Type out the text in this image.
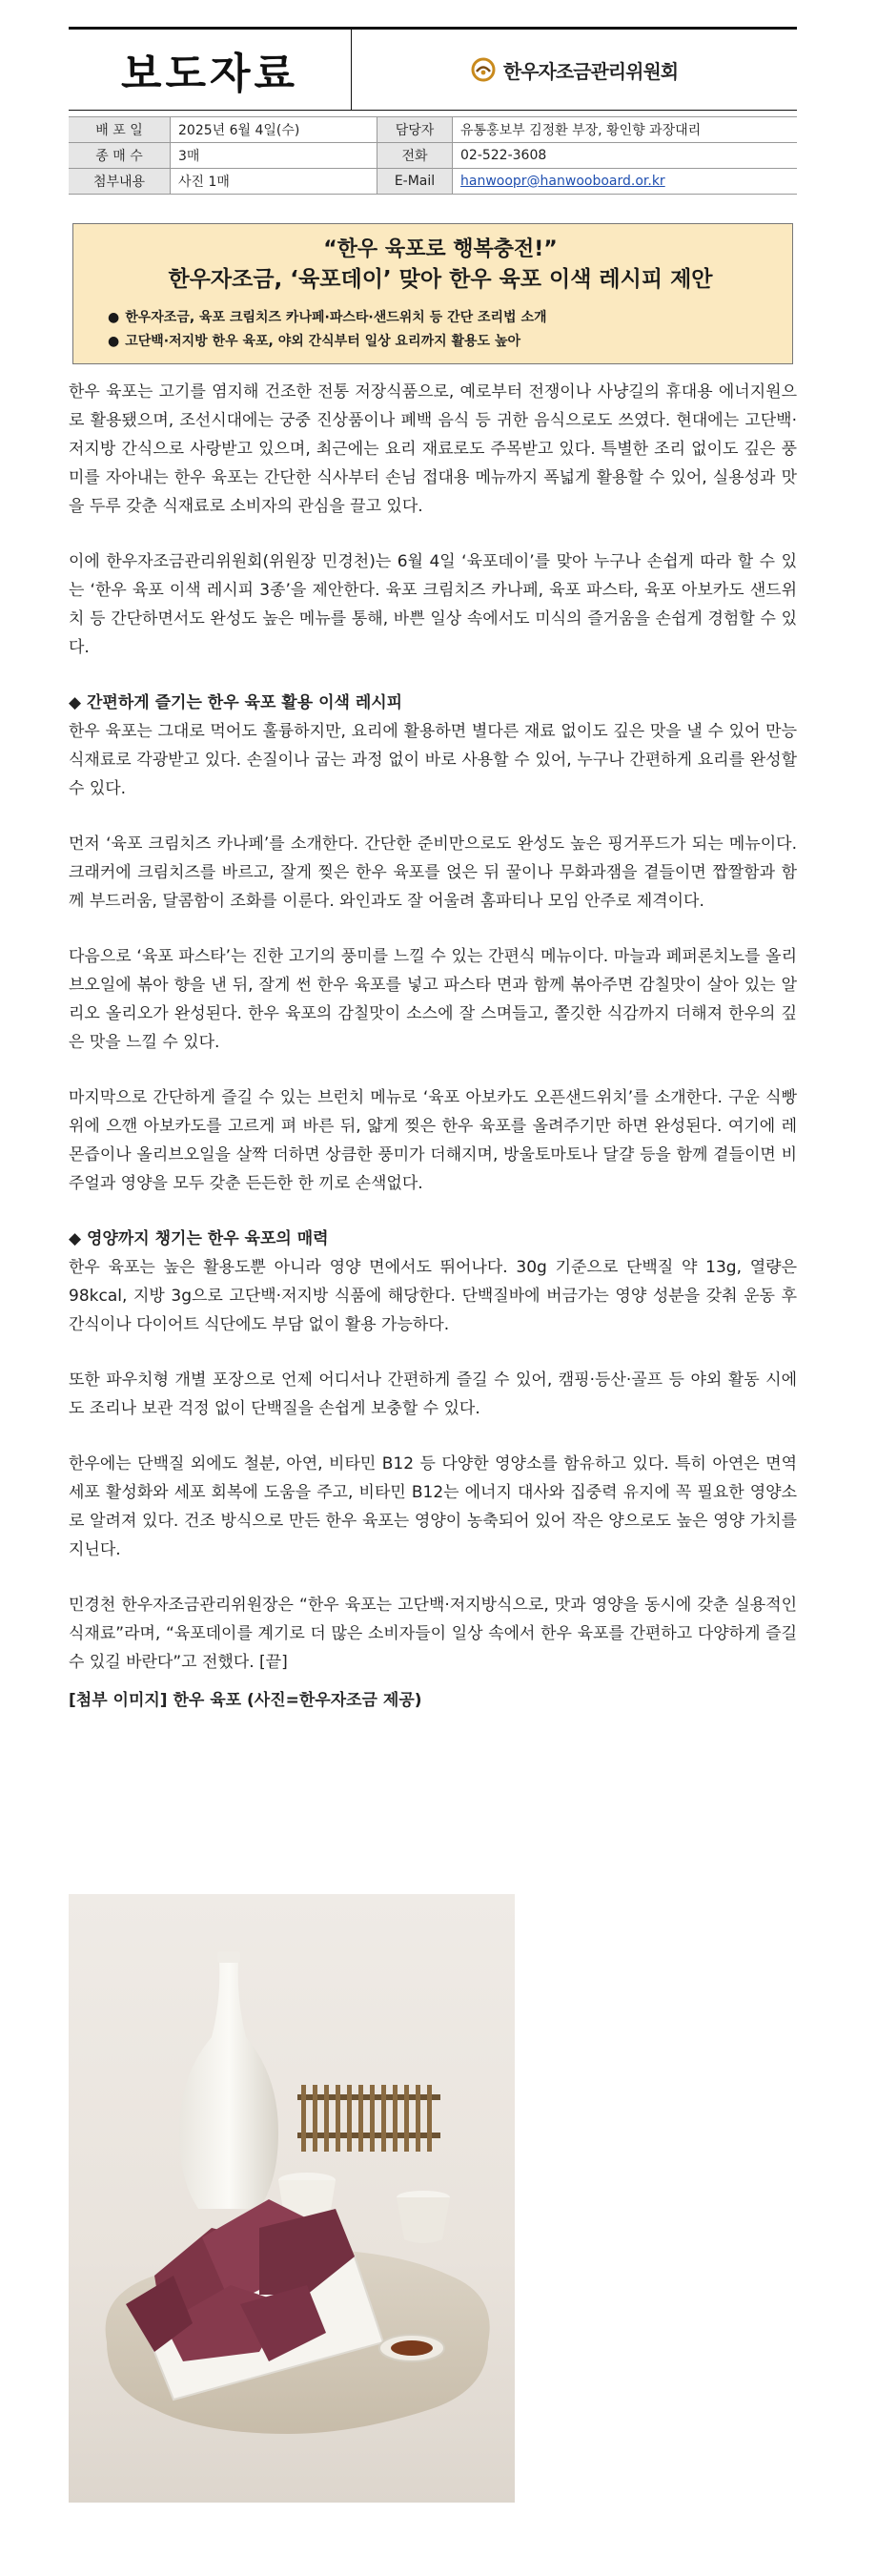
보도자료	한우자조금관리위원회
배 포 일	2025년 6월 4일(수)	담당자	유통홍보부 김정환 부장, 황인향 과장대리
종 매 수	3매	전화	02-522-3608
첨부내용	사진 1매	E-Mail	hanwoopr@hanwooboard.or.kr
“한우 육포로 행복충전!”
한우자조금, ‘육포데이’ 맞아 한우 육포 이색 레시피 제안
● 한우자조금, 육포 크림치즈 카나페·파스타·샌드위치 등 간단 조리법 소개
● 고단백·저지방 한우 육포, 야외 간식부터 일상 요리까지 활용도 높아

한우 육포는 고기를 염지해 건조한 전통 저장식품으로, 예로부터 전쟁이나 사냥길의 휴대용 에너지원으로 활용됐으며, 조선시대에는 궁중 진상품이나 폐백 음식 등 귀한 음식으로도 쓰였다. 현대에는 고단백·저지방 간식으로 사랑받고 있으며, 최근에는 요리 재료로도 주목받고 있다. 특별한 조리 없이도 깊은 풍미를 자아내는 한우 육포는 간단한 식사부터 손님 접대용 메뉴까지 폭넓게 활용할 수 있어, 실용성과 맛을 두루 갖춘 식재료로 소비자의 관심을 끌고 있다.

이에 한우자조금관리위원회(위원장 민경천)는 6월 4일 ‘육포데이’를 맞아 누구나 손쉽게 따라 할 수 있는 ‘한우 육포 이색 레시피 3종’을 제안한다. 육포 크림치즈 카나페, 육포 파스타, 육포 아보카도 샌드위치 등 간단하면서도 완성도 높은 메뉴를 통해, 바쁜 일상 속에서도 미식의 즐거움을 손쉽게 경험할 수 있다.

◆ 간편하게 즐기는 한우 육포 활용 이색 레시피

한우 육포는 그대로 먹어도 훌륭하지만, 요리에 활용하면 별다른 재료 없이도 깊은 맛을 낼 수 있어 만능 식재료로 각광받고 있다. 손질이나 굽는 과정 없이 바로 사용할 수 있어, 누구나 간편하게 요리를 완성할 수 있다.

먼저 ‘육포 크림치즈 카나페’를 소개한다. 간단한 준비만으로도 완성도 높은 핑거푸드가 되는 메뉴이다. 크래커에 크림치즈를 바르고, 잘게 찢은 한우 육포를 얹은 뒤 꿀이나 무화과잼을 곁들이면 짭짤함과 함께 부드러움, 달콤함이 조화를 이룬다. 와인과도 잘 어울려 홈파티나 모임 안주로 제격이다.

다음으로 ‘육포 파스타’는 진한 고기의 풍미를 느낄 수 있는 간편식 메뉴이다. 마늘과 페퍼론치노를 올리브오일에 볶아 향을 낸 뒤, 잘게 썬 한우 육포를 넣고 파스타 면과 함께 볶아주면 감칠맛이 살아 있는 알리오 올리오가 완성된다. 한우 육포의 감칠맛이 소스에 잘 스며들고, 쫄깃한 식감까지 더해져 한우의 깊은 맛을 느낄 수 있다.

마지막으로 간단하게 즐길 수 있는 브런치 메뉴로 ‘육포 아보카도 오픈샌드위치’를 소개한다. 구운 식빵 위에 으깬 아보카도를 고르게 펴 바른 뒤, 얇게 찢은 한우 육포를 올려주기만 하면 완성된다. 여기에 레몬즙이나 올리브오일을 살짝 더하면 상큼한 풍미가 더해지며, 방울토마토나 달걀 등을 함께 곁들이면 비주얼과 영양을 모두 갖춘 든든한 한 끼로 손색없다.

◆ 영양까지 챙기는 한우 육포의 매력

한우 육포는 높은 활용도뿐 아니라 영양 면에서도 뛰어나다. 30g 기준으로 단백질 약 13g, 열량은 98kcal, 지방 3g으로 고단백·저지방 식품에 해당한다. 단백질바에 버금가는 영양 성분을 갖춰 운동 후 간식이나 다이어트 식단에도 부담 없이 활용 가능하다.

또한 파우치형 개별 포장으로 언제 어디서나 간편하게 즐길 수 있어, 캠핑·등산·골프 등 야외 활동 시에도 조리나 보관 걱정 없이 단백질을 손쉽게 보충할 수 있다.

한우에는 단백질 외에도 철분, 아연, 비타민 B12 등 다양한 영양소를 함유하고 있다. 특히 아연은 면역세포 활성화와 세포 회복에 도움을 주고, 비타민 B12는 에너지 대사와 집중력 유지에 꼭 필요한 영양소로 알려져 있다. 건조 방식으로 만든 한우 육포는 영양이 농축되어 있어 작은 양으로도 높은 영양 가치를 지닌다.

민경천 한우자조금관리위원장은 “한우 육포는 고단백·저지방식으로, 맛과 영양을 동시에 갖춘 실용적인 식재료”라며, “육포데이를 계기로 더 많은 소비자들이 일상 속에서 한우 육포를 간편하고 다양하게 즐길 수 있길 바란다”고 전했다. [끝]

[첨부 이미지] 한우 육포 (사진=한우자조금 제공)
